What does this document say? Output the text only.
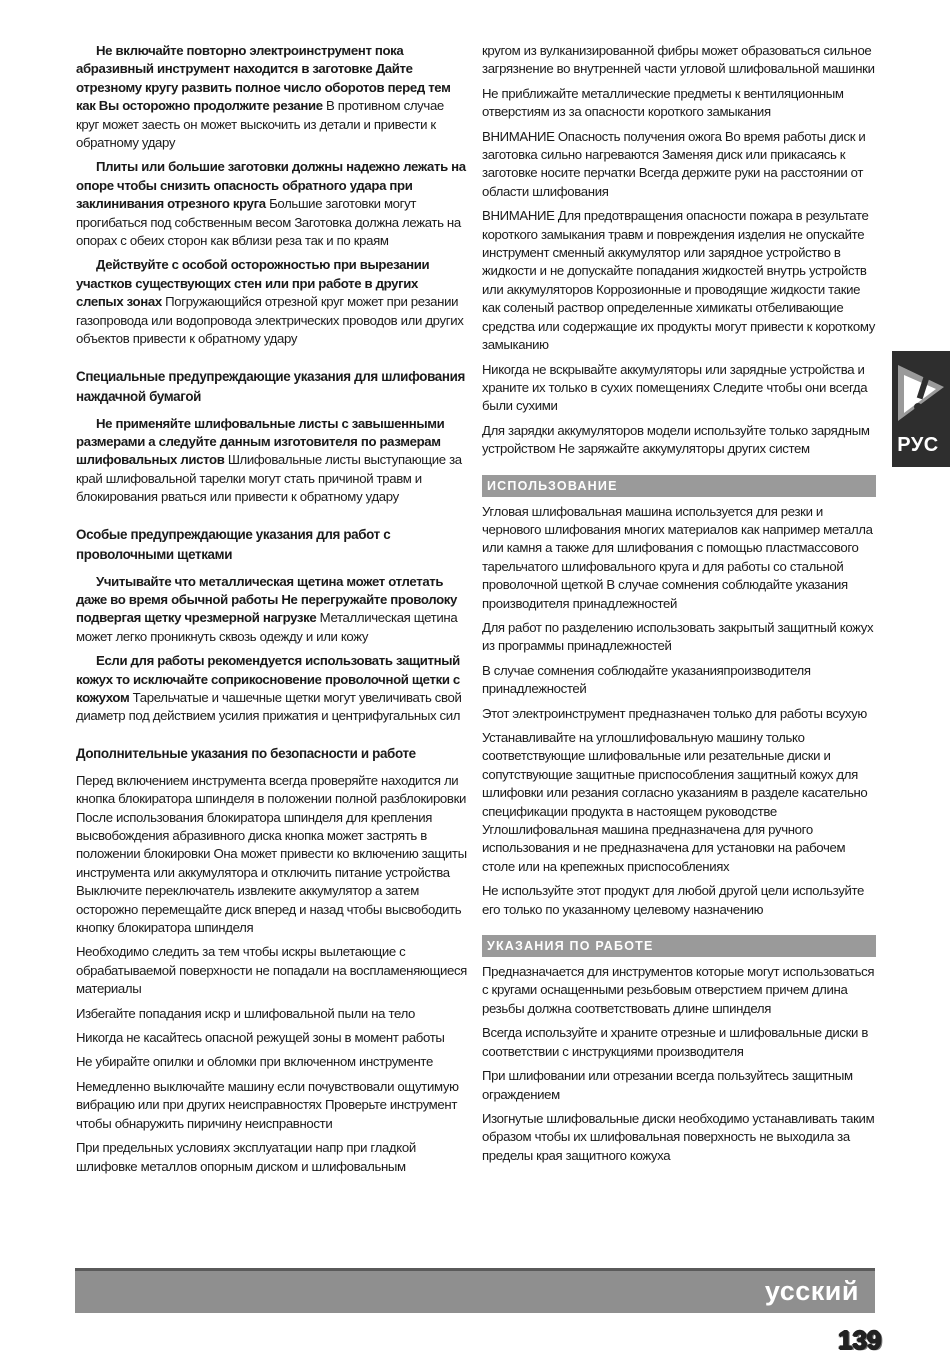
Не включайте повторно электроинструмент пока абразивный инструмент находится в заготовке Дайте отрезному кругу развить полное число оборотов перед тем как Вы осторожно продолжите резание В противном случае круг может заесть он может выскочить из детали и привести к обратному удару

Плиты или большие заготовки должны надежно лежать на опоре чтобы снизить опасность обратного удара при заклинивания отрезного круга Большие заготовки могут прогибаться под собственным весом Заготовка должна лежать на опорах с обеих сторон как вблизи реза так и по краям

Действуйте с особой осторожностью при вырезании участков существующих стен или при работе в других слепых зонах Погружающийся отрезной круг может при резании газопровода или водопровода электрических проводов или других объектов привести к обратному удару

Специальные предупреждающие указания для шлифования наждачной бумагой

Не применяйте шлифовальные листы с завышенными размерами а следуйте данным изготовителя по размерам шлифовальных листов Шлифовальные листы выступающие за край шлифовальной тарелки могут стать причиной травм и блокирования рваться или привести к обратному удару

Особые предупреждающие указания для работ с проволочными щетками

Учитывайте что металлическая щетина может отлетать даже во время обычной работы Не перегружайте проволоку подвергая щетку чрезмерной нагрузке Металлическая щетина может легко проникнуть сквозь одежду и или кожу

Если для работы рекомендуется использовать защитный кожух то исключайте соприкосновение проволочной щетки с кожухом Тарельчатые и чашечные щетки могут увеличивать свой диаметр под действием усилия прижатия и центрифугальных сил

Дополнительные указания по безопасности и работе

Перед включением инструмента всегда проверяйте находится ли кнопка блокиратора шпинделя в положении полной разблокировки После использования блокиратора шпинделя для крепления высвобождения абразивного диска кнопка может застрять в положении блокировки Она может привести ко включению защиты инструмента или аккумулятора и отключить питание устройства Выключите переключатель извлеките аккумулятор а затем осторожно перемещайте диск вперед и назад чтобы высвободить кнопку блокиратора шпинделя

Необходимо следить за тем чтобы искры вылетающие с обрабатываемой поверхности не попадали на воспламеняющиеся материалы

Избегайте попадания искр и шлифовальной пыли на тело

Никогда не касайтесь опасной режущей зоны в момент работы

Не убирайте опилки и обломки при включенном инструменте

Немедленно выключайте машину если почувствовали ощутимую вибрацию или при других неисправностях Проверьте инструмент чтобы обнаружить пиричину неисправности

При предельных условиях эксплуатации напр при гладкой шлифовке металлов опорным диском и шлифовальным

кругом из вулканизированной фибры может образоваться сильное загрязнение во внутренней части угловой шлифовальной машинки

Не приближайте металлические предметы к вентиляционным отверстиям из за опасности короткого замыкания

ВНИМАНИЕ Опасность получения ожога Во время работы диск и заготовка сильно нагреваются Заменяя диск или прикасаясь к заготовке носите перчатки Всегда держите руки на расстоянии от области шлифования

ВНИМАНИЕ Для предотвращения опасности пожара в результате короткого замыкания травм и повреждения изделия не опускайте инструмент сменный аккумулятор или зарядное устройство в жидкости и не допускайте попадания жидкостей внутрь устройств или аккумуляторов Коррозионные и проводящие жидкости такие как соленый раствор определенные химикаты отбеливающие средства или содержащие их продукты могут привести к короткому замыканию

Никогда не вскрывайте аккумуляторы или зарядные устройства и храните их только в сухих помещениях Следите чтобы они всегда были сухими

Для зарядки аккумуляторов модели используйте только зарядным устройством Не заряжайте аккумуляторы других систем

ИСПОЛЬЗОВАНИЕ

Угловая шлифовальная машина используется для резки и чернового шлифования многих материалов как например металла или камня а также для шлифования с помощью пластмассового тарельчатого шлифовального круга и для работы со стальной проволочной щеткой В случае сомнения соблюдайте указания производителя принадлежностей

Для работ по разделению использовать закрытый защитный кожух из программы принадлежностей

В случае сомнения соблюдайте указанияпроизводителя принадлежностей

Этот электроинструмент предназначен только для работы всухую

Устанавливайте на углошлифовальную машину только соответствующие шлифовальные или резательные диски и сопутствующие защитные приспособления защитный кожух для шлифовки или резания согласно указаниям в разделе касательно спецификации продукта в настоящем руководстве Углошлифовальная машина предназначена для ручного использования и не предназначена для установки на рабочем столе или на крепежных приспособлениях

Не используйте этот продукт для любой другой цели используйте его только по указанному целевому назначению

УКАЗАНИЯ ПО РАБОТЕ

Предназначается для инструментов которые могут использоваться с кругами оснащенными резьбовым отверстием причем длина резьбы должна соответствовать длине шпинделя

Всегда используйте и храните отрезные и шлифовальные диски в соответствии с инструкциями производителя

При шлифовании или отрезании всегда пользуйтесь защитным ограждением

Изогнутые шлифовальные диски необходимо устанавливать таким образом чтобы их шлифовальная поверхность не выходила за пределы края защитного кожуха

РУС
усский
139
